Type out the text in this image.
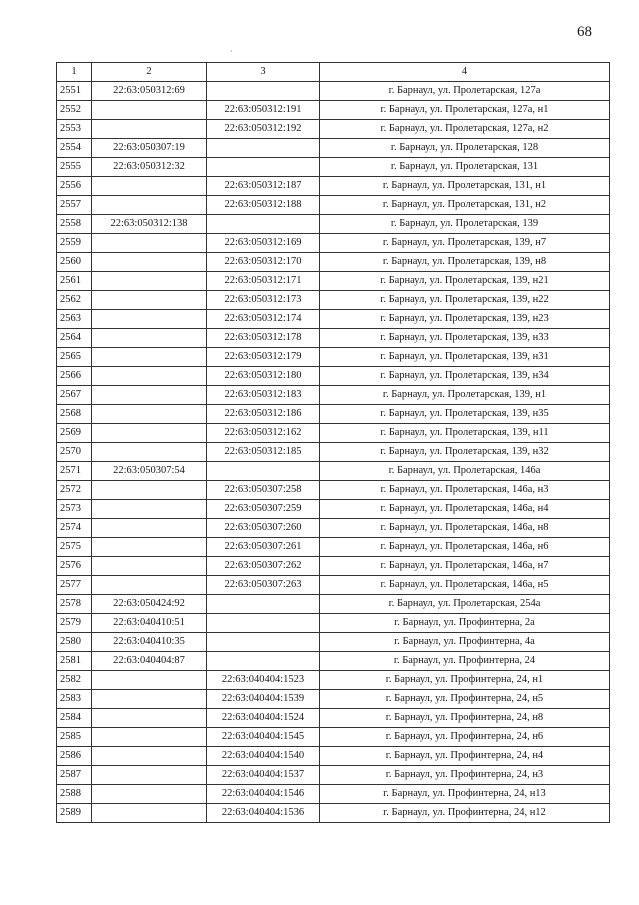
68
·
1	2	3	4
2551	22:63:050312:69		г. Барнаул, ул. Пролетарская, 127а
2552		22:63:050312:191	г. Барнаул, ул. Пролетарская, 127а, н1
2553		22:63:050312:192	г. Барнаул, ул. Пролетарская, 127а, н2
2554	22:63:050307:19		г. Барнаул, ул. Пролетарская, 128
2555	22:63:050312:32		г. Барнаул, ул. Пролетарская, 131
2556		22:63:050312:187	г. Барнаул, ул. Пролетарская, 131, н1
2557		22:63:050312:188	г. Барнаул, ул. Пролетарская, 131, н2
2558	22:63:050312:138		г. Барнаул, ул. Пролетарская, 139
2559		22:63:050312:169	г. Барнаул, ул. Пролетарская, 139, н7
2560		22:63:050312:170	г. Барнаул, ул. Пролетарская, 139, н8
2561		22:63:050312:171	г. Барнаул, ул. Пролетарская, 139, н21
2562		22:63:050312:173	г. Барнаул, ул. Пролетарская, 139, н22
2563		22:63:050312:174	г. Барнаул, ул. Пролетарская, 139, н23
2564		22:63:050312:178	г. Барнаул, ул. Пролетарская, 139, н33
2565		22:63:050312:179	г. Барнаул, ул. Пролетарская, 139, н31
2566		22:63:050312:180	г. Барнаул, ул. Пролетарская, 139, н34
2567		22:63:050312:183	г. Барнаул, ул. Пролетарская, 139, н1
2568		22:63:050312:186	г. Барнаул, ул. Пролетарская, 139, н35
2569		22:63:050312:162	г. Барнаул, ул. Пролетарская, 139, н11
2570		22:63:050312:185	г. Барнаул, ул. Пролетарская, 139, н32
2571	22:63:050307:54		г. Барнаул, ул. Пролетарская, 146а
2572		22:63:050307:258	г. Барнаул, ул. Пролетарская, 146а, н3
2573		22:63:050307:259	г. Барнаул, ул. Пролетарская, 146а, н4
2574		22:63:050307:260	г. Барнаул, ул. Пролетарская, 146а, н8
2575		22:63:050307:261	г. Барнаул, ул. Пролетарская, 146а, н6
2576		22:63:050307:262	г. Барнаул, ул. Пролетарская, 146а, н7
2577		22:63:050307:263	г. Барнаул, ул. Пролетарская, 146а, н5
2578	22:63:050424:92		г. Барнаул, ул. Пролетарская, 254а
2579	22:63:040410:51		г. Барнаул, ул. Профинтерна, 2а
2580	22:63:040410:35		г. Барнаул, ул. Профинтерна, 4а
2581	22:63:040404:87		г. Барнаул, ул. Профинтерна, 24
2582		22:63:040404:1523	г. Барнаул, ул. Профинтерна, 24, н1
2583		22:63:040404:1539	г. Барнаул, ул. Профинтерна, 24, н5
2584		22:63:040404:1524	г. Барнаул, ул. Профинтерна, 24, н8
2585		22:63:040404:1545	г. Барнаул, ул. Профинтерна, 24, н6
2586		22:63:040404:1540	г. Барнаул, ул. Профинтерна, 24, н4
2587		22:63:040404:1537	г. Барнаул, ул. Профинтерна, 24, н3
2588		22:63:040404:1546	г. Барнаул, ул. Профинтерна, 24, н13
2589		22:63:040404:1536	г. Барнаул, ул. Профинтерна, 24, н12
